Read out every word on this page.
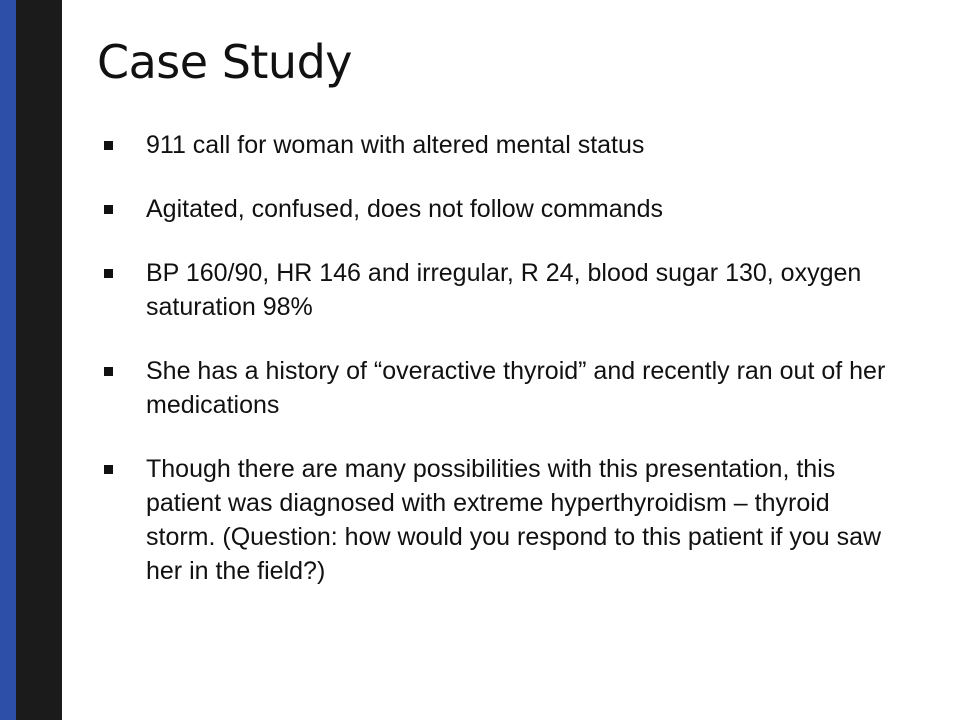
Case Study
911 call for woman with altered mental status
Agitated, confused, does not follow commands
BP 160/90, HR 146 and irregular, R 24, blood sugar 130, oxygen saturation 98%
She has a history of “overactive thyroid” and recently ran out of her medications
Though there are many possibilities with this presentation, this patient was diagnosed with extreme hyperthyroidism – thyroid storm. (Question: how would you respond to this patient if you saw her in the field?)
